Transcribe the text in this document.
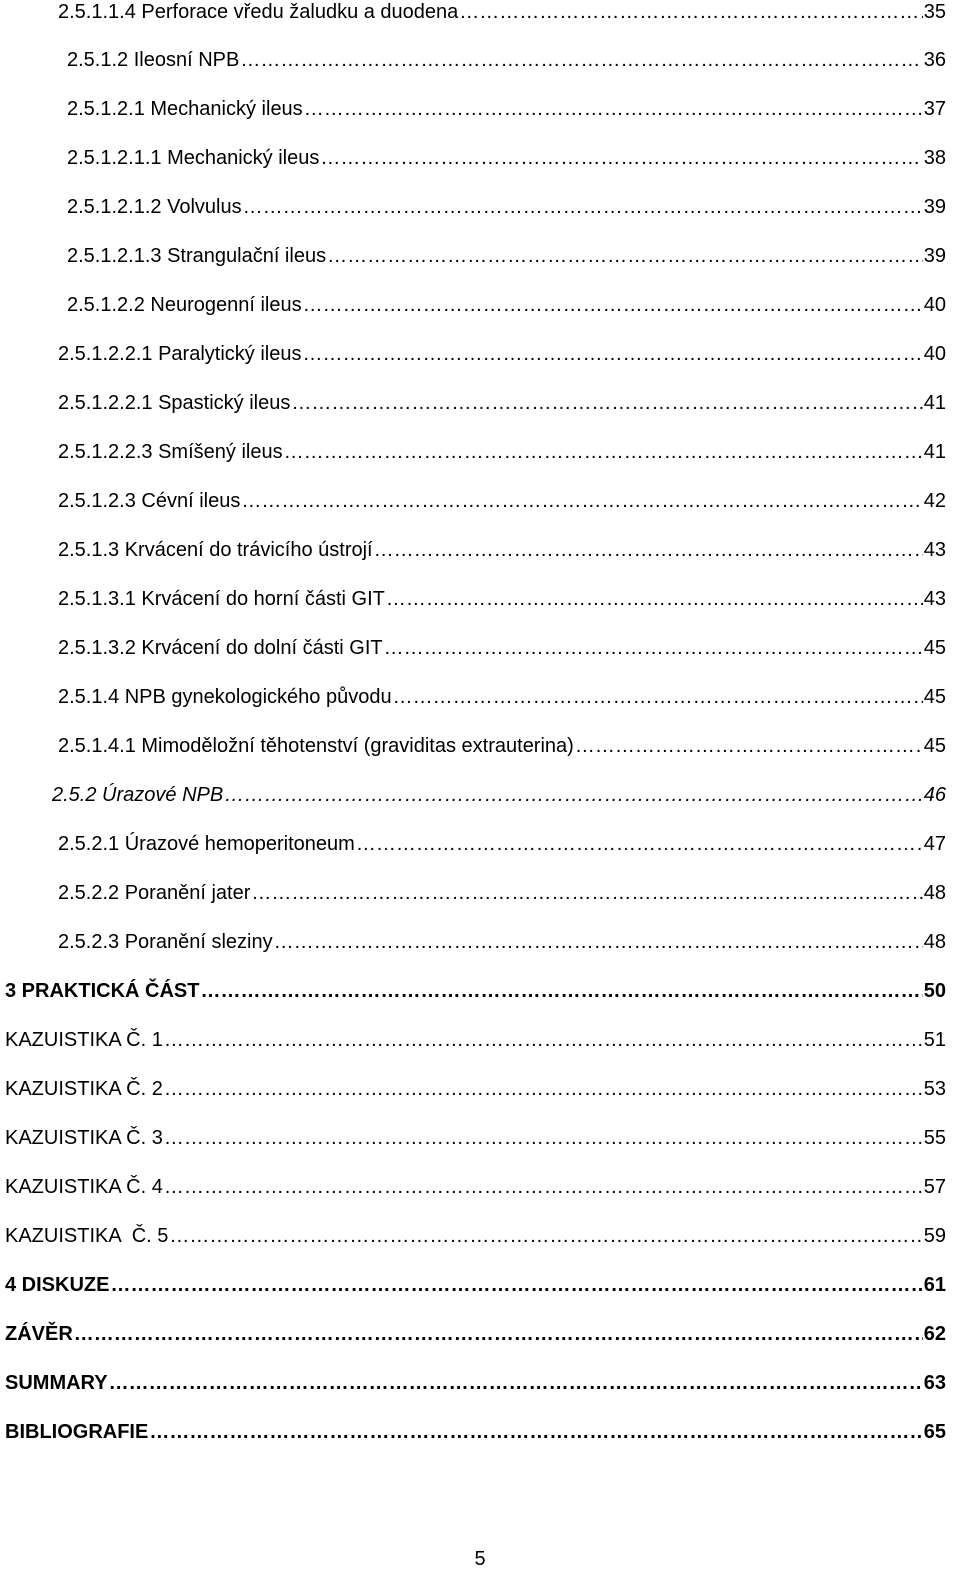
2.5.1.1.4 Perforace vředu žaludku a duodena ……………………………………………………………………………………………………………………………………………………………………………………………………………………………………………………………………………………………	35
2.5.1.2 Ileosní NPB ……………………………………………………………………………………………………………………………………………………………………………………………………………………………………………………………………………………………	36
2.5.1.2.1 Mechanický ileus ……………………………………………………………………………………………………………………………………………………………………………………………………………………………………………………………………………………………	37
2.5.1.2.1.1 Mechanický ileus ……………………………………………………………………………………………………………………………………………………………………………………………………………………………………………………………………………………………	38
2.5.1.2.1.2 Volvulus ……………………………………………………………………………………………………………………………………………………………………………………………………………………………………………………………………………………………	39
2.5.1.2.1.3 Strangulační ileus ……………………………………………………………………………………………………………………………………………………………………………………………………………………………………………………………………………………………	39
2.5.1.2.2 Neurogenní ileus ……………………………………………………………………………………………………………………………………………………………………………………………………………………………………………………………………………………………	40
2.5.1.2.2.1 Paralytický ileus ……………………………………………………………………………………………………………………………………………………………………………………………………………………………………………………………………………………………	40
2.5.1.2.2.1 Spastický ileus ……………………………………………………………………………………………………………………………………………………………………………………………………………………………………………………………………………………………	41
2.5.1.2.2.3 Smíšený ileus ……………………………………………………………………………………………………………………………………………………………………………………………………………………………………………………………………………………………	41
2.5.1.2.3 Cévní ileus ……………………………………………………………………………………………………………………………………………………………………………………………………………………………………………………………………………………………	42
2.5.1.3 Krvácení do trávicího ústrojí ……………………………………………………………………………………………………………………………………………………………………………………………………………………………………………………………………………………………	43
2.5.1.3.1 Krvácení do horní části GIT ……………………………………………………………………………………………………………………………………………………………………………………………………………………………………………………………………………………………	43
2.5.1.3.2 Krvácení do dolní části GIT ……………………………………………………………………………………………………………………………………………………………………………………………………………………………………………………………………………………………	45
2.5.1.4 NPB gynekologického původu ……………………………………………………………………………………………………………………………………………………………………………………………………………………………………………………………………………………………	45
2.5.1.4.1 Mimoděložní těhotenství (graviditas extrauterina) ……………………………………………………………………………………………………………………………………………………………………………………………………………………………………………………………………………………………	45
2.5.2 Úrazové NPB ……………………………………………………………………………………………………………………………………………………………………………………………………………………………………………………………………………………………	46
2.5.2.1 Úrazové hemoperitoneum ……………………………………………………………………………………………………………………………………………………………………………………………………………………………………………………………………………………………	47
2.5.2.2 Poranění jater ……………………………………………………………………………………………………………………………………………………………………………………………………………………………………………………………………………………………	48
2.5.2.3 Poranění sleziny ……………………………………………………………………………………………………………………………………………………………………………………………………………………………………………………………………………………………	48
3 PRAKTICKÁ ČÁST ……………………………………………………………………………………………………………………………………………………………………………………………………………………………………………………………………………………………	50
KAZUISTIKA Č. 1 ……………………………………………………………………………………………………………………………………………………………………………………………………………………………………………………………………………………………	51
KAZUISTIKA Č. 2 ……………………………………………………………………………………………………………………………………………………………………………………………………………………………………………………………………………………………	53
KAZUISTIKA Č. 3 ……………………………………………………………………………………………………………………………………………………………………………………………………………………………………………………………………………………………	55
KAZUISTIKA Č. 4 ……………………………………………………………………………………………………………………………………………………………………………………………………………………………………………………………………………………………	57
KAZUISTIKA  Č. 5 ……………………………………………………………………………………………………………………………………………………………………………………………………………………………………………………………………………………………	59
4 DISKUZE ……………………………………………………………………………………………………………………………………………………………………………………………………………………………………………………………………………………………	61
ZÁVĚR ……………………………………………………………………………………………………………………………………………………………………………………………………………………………………………………………………………………………	62
SUMMARY ……………………………………………………………………………………………………………………………………………………………………………………………………………………………………………………………………………………………	63
BIBLIOGRAFIE ……………………………………………………………………………………………………………………………………………………………………………………………………………………………………………………………………………………………	65
5
